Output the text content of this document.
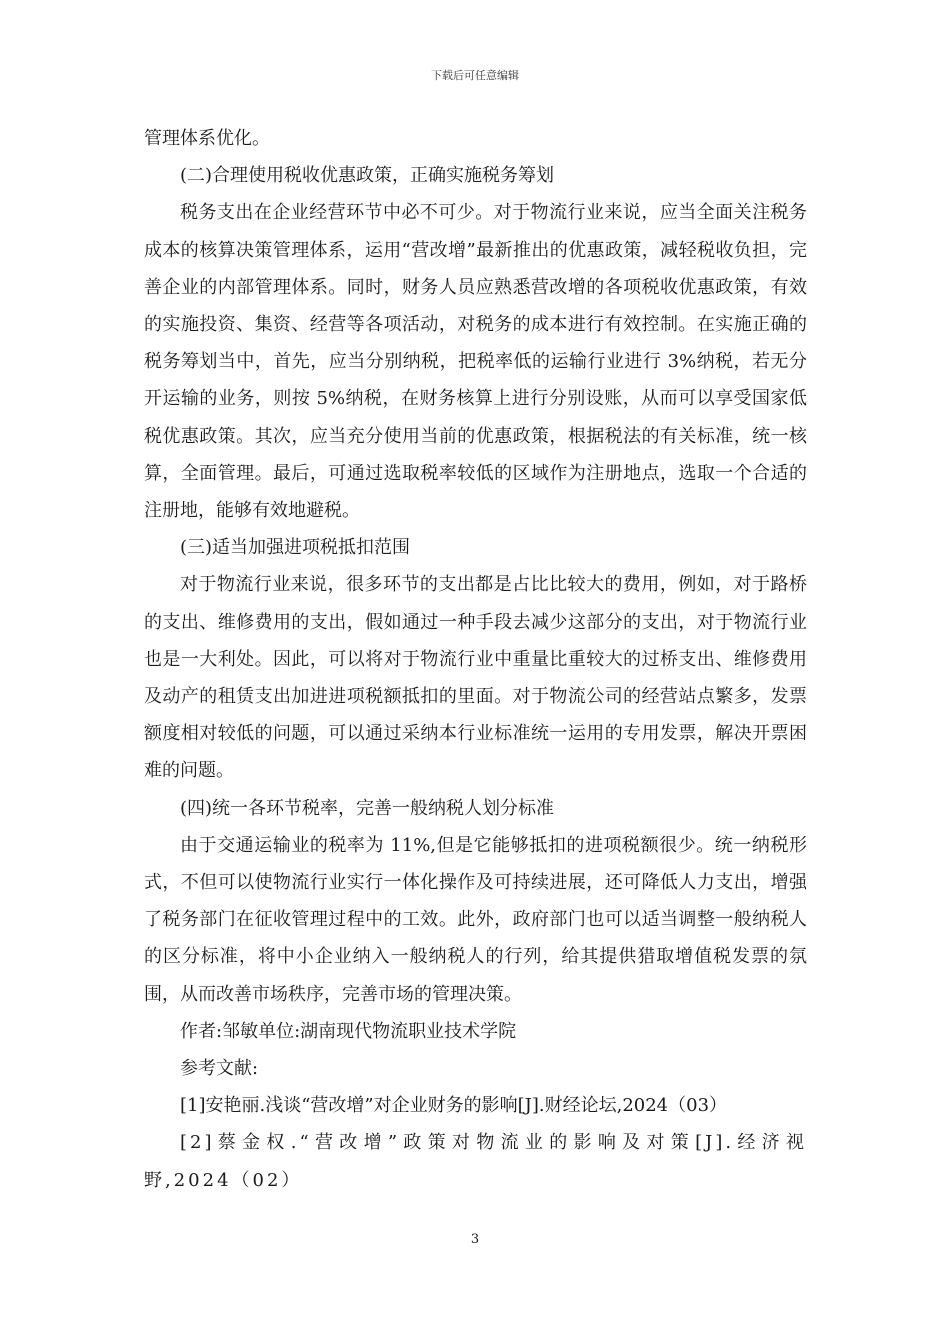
下载后可任意编辑

管理体系优化。

(二)合理使用税收优惠政策，正确实施税务筹划

税务支出在企业经营环节中必不可少。对于物流行业来说，应当全面关注税务成本的核算决策管理体系，运用“营改增”最新推出的优惠政策，减轻税收负担，完善企业的内部管理体系。同时，财务人员应熟悉营改增的各项税收优惠政策，有效的实施投资、集资、经营等各项活动，对税务的成本进行有效控制。在实施正确的税务筹划当中，首先，应当分别纳税，把税率低的运输行业进行 3%纳税，若无分开运输的业务，则按 5%纳税，在财务核算上进行分别设账，从而可以享受国家低税优惠政策。其次，应当充分使用当前的优惠政策，根据税法的有关标准，统一核算，全面管理。最后，可通过选取税率较低的区域作为注册地点，选取一个合适的注册地，能够有效地避税。

(三)适当加强进项税抵扣范围

对于物流行业来说，很多环节的支出都是占比比较大的费用，例如，对于路桥的支出、维修费用的支出，假如通过一种手段去减少这部分的支出，对于物流行业也是一大利处。因此，可以将对于物流行业中重量比重较大的过桥支出、维修费用及动产的租赁支出加进进项税额抵扣的里面。对于物流公司的经营站点繁多，发票额度相对较低的问题，可以通过采纳本行业标准统一运用的专用发票，解决开票困难的问题。

(四)统一各环节税率，完善一般纳税人划分标准

由于交通运输业的税率为 11%,但是它能够抵扣的进项税额很少。统一纳税形式，不但可以使物流行业实行一体化操作及可持续进展，还可降低人力支出，增强了税务部门在征收管理过程中的工效。此外，政府部门也可以适当调整一般纳税人的区分标准，将中小企业纳入一般纳税人的行列，给其提供猎取增值税发票的氛围，从而改善市场秩序，完善市场的管理决策。

作者:邹敏单位:湖南现代物流职业技术学院

参考文献:

[1]安艳丽.浅谈“营改增”对企业财务的影响[J].财经论坛,2024（03）

[2]蔡金权.“营改增”政策对物流业的影响及对策[J].经济视野,2024（02）

3
